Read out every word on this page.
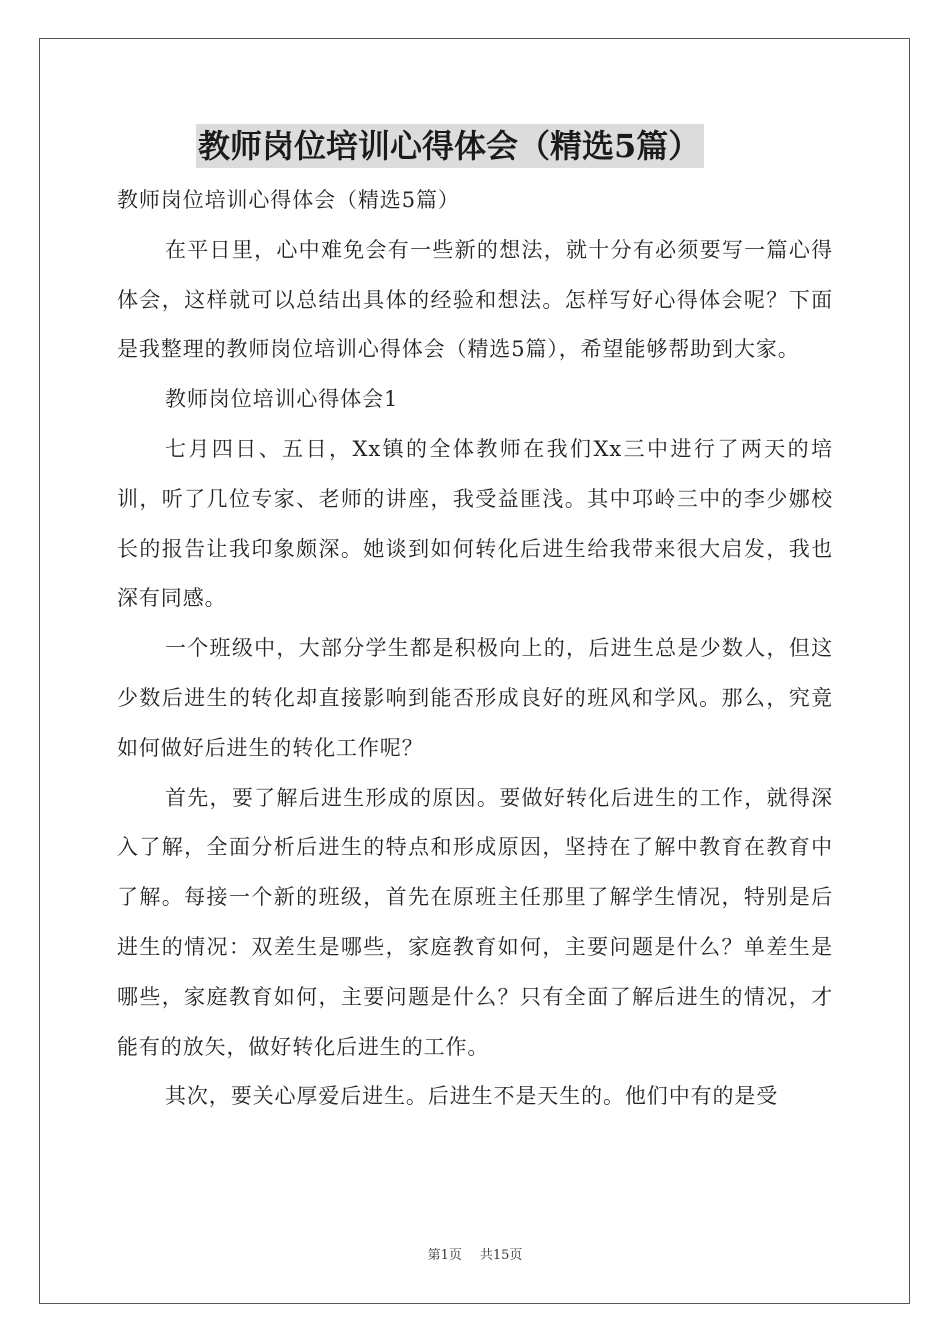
教师岗位培训心得体会（精选5篇）

教师岗位培训心得体会（精选5篇）

在平日里，心中难免会有一些新的想法，就十分有必须要写一篇心得体会，这样就可以总结出具体的经验和想法。怎样写好心得体会呢？下面是我整理的教师岗位培训心得体会（精选5篇），希望能够帮助到大家。

教师岗位培训心得体会1

七月四日、五日，Xx镇的全体教师在我们Xx三中进行了两天的培训，听了几位专家、老师的讲座，我受益匪浅。其中邛岭三中的李少娜校长的报告让我印象颇深。她谈到如何转化后进生给我带来很大启发，我也深有同感。

一个班级中，大部分学生都是积极向上的，后进生总是少数人，但这少数后进生的转化却直接影响到能否形成良好的班风和学风。那么，究竟如何做好后进生的转化工作呢？

首先，要了解后进生形成的原因。要做好转化后进生的工作，就得深入了解，全面分析后进生的特点和形成原因，坚持在了解中教育在教育中了解。每接一个新的班级，首先在原班主任那里了解学生情况，特别是后进生的情况：双差生是哪些，家庭教育如何，主要问题是什么？单差生是哪些，家庭教育如何，主要问题是什么？只有全面了解后进生的情况，才能有的放矢，做好转化后进生的工作。

其次，要关心厚爱后进生。后进生不是天生的。他们中有的是受

第1页 共15页
